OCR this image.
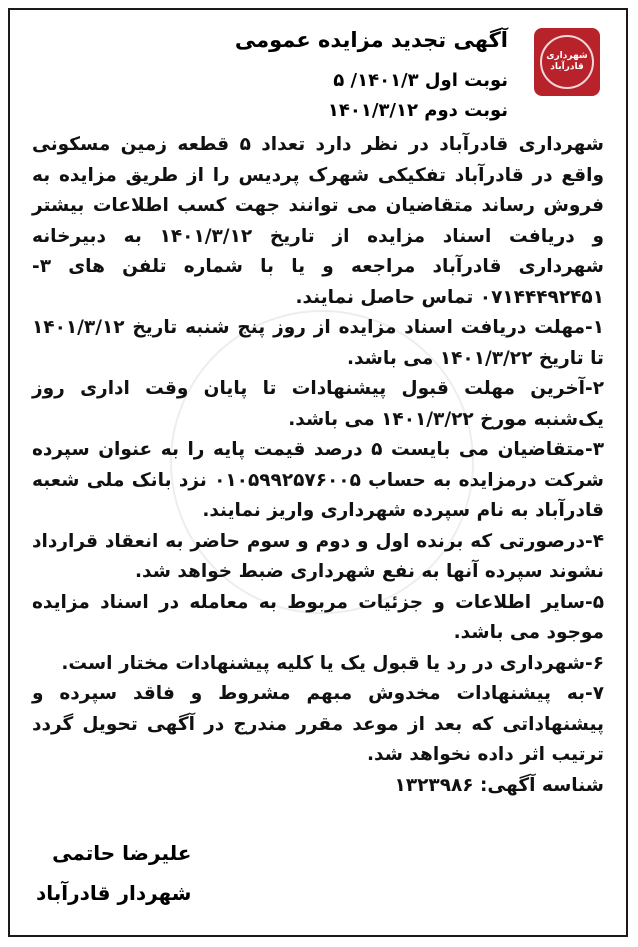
شهرداری قادرآباد
آگهی تجدید مزایده عمومی
نوبت اول ۱۴۰۱/۳/ ۵
نوبت دوم ۱۴۰۱/۳/۱۲

شهرداری قادرآباد در نظر دارد تعداد ۵ قطعه زمین مسکونی واقع در قادرآباد تفکیکی شهرک پردیس را از طریق مزایده به فروش رساند متقاضیان می توانند جهت کسب اطلاعات بیشتر و دریافت اسناد مزایده از تاریخ ۱۴۰۱/۳/۱۲ به دبیرخانه شهرداری قادرآباد مراجعه و یا با شماره تلفن های ۳- ۰۷۱۴۴۴۹۲۴۵۱ تماس حاصل نمایند.

۱-مهلت دریافت اسناد مزایده از روز پنج شنبه تاریخ ۱۴۰۱/۳/۱۲ تا تاریخ ۱۴۰۱/۳/۲۲ می باشد.

۲-آخرین مهلت قبول پیشنهادات تا پایان وقت اداری روز یک‌شنبه مورخ ۱۴۰۱/۳/۲۲ می باشد.

۳-متقاضیان می بایست ۵ درصد قیمت پایه را به عنوان سپرده شرکت درمزایده به حساب ۰۱۰۵۹۹۲۵۷۶۰۰۵ نزد بانک ملی شعبه قادرآباد به نام سپرده شهرداری واریز نمایند.

۴-درصورتی که برنده اول و دوم و سوم حاضر به انعقاد قرارداد نشوند سپرده آنها به نفع شهرداری ضبط خواهد شد.

۵-سایر اطلاعات و جزئیات مربوط به معامله در اسناد مزایده موجود می باشد.

۶-شهرداری در رد یا قبول یک یا کلیه پیشنهادات مختار است.

۷-به پیشنهادات مخدوش مبهم مشروط و فاقد سپرده و پیشنهاداتی که بعد از موعد مقرر مندرج در آگهی تحویل گردد ترتیب اثر داده نخواهد شد.

شناسه آگهی: ۱۳۲۳۹۸۶

علیرضا حاتمی
شهردار قادرآباد
